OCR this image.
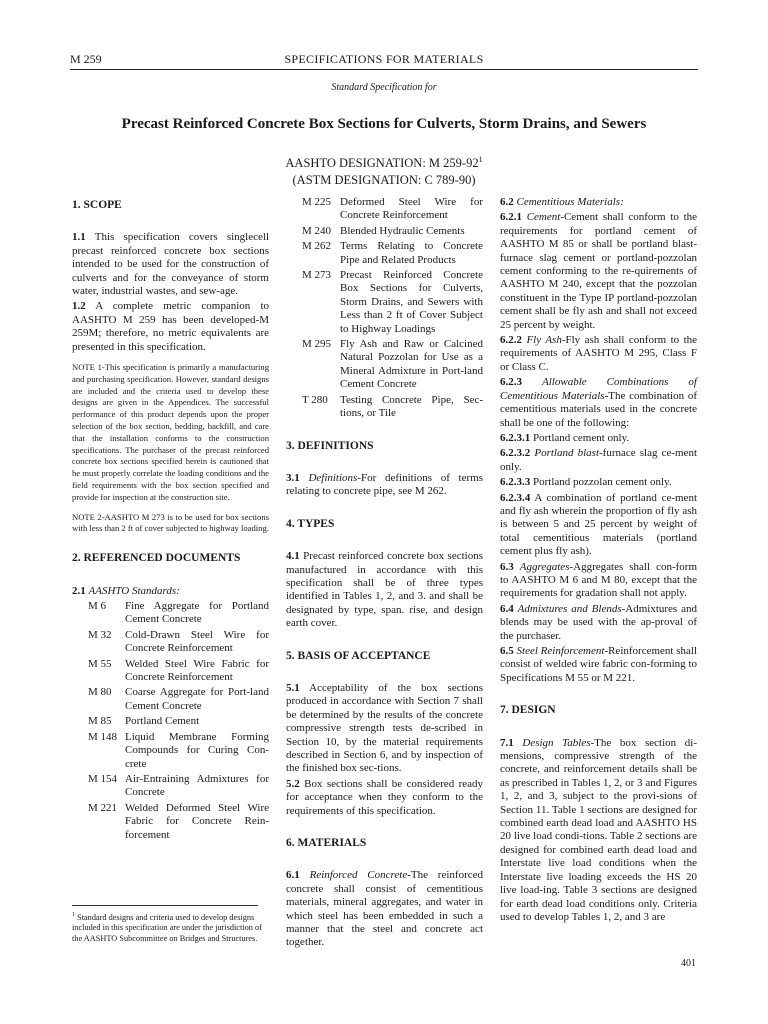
M 259	SPECIFICATIONS FOR MATERIALS
Standard Specification for
Precast Reinforced Concrete Box Sections for Culverts, Storm Drains, and Sewers
AASHTO DESIGNATION: M $259-92^1$
(ASTM DESIGNATION: C 789-90)
1. SCOPE

1.1 This specification covers singlecell precast reinforced concrete box sections intended to be used for the construction of culverts and for the conveyance of storm water, industrial wastes, and sew-age.

1.2 A complete metric companion to AASHTO M 259 has been developed-M 259M; therefore, no metric equivalents are presented in this specification.

NOTE 1-This specification is primarily a manufacturing and purchasing specification. However, standard designs are included and the criteria used to develop these designs are given in the Appendices. The successful performance of this product depends upon the proper selection of the box section, bedding, backfill, and care that the installation conforms to the construction specifications. The purchaser of the precast reinforced concrete box sections specified herein is cautioned that he must properly correlate the loading conditions and the field requirements with the box section specified and provide for inspection at the construction site.

NOTE 2-AASHTO M 273 is to be used for box sections with less than 2 ft of cover subjected to highway loading.

2. REFERENCED DOCUMENTS

2.1 AASHTO Standards:

M 6	Fine Aggregate for Portland Cement Concrete
M 32	Cold-Drawn Steel Wire for Concrete Reinforcement
M 55	Welded Steel Wire Fabric for Concrete Reinforcement
M 80	Coarse Aggregate for Port-land Cement Concrete
M 85	Portland Cement
M 148 Liquid Membrane Forming Compounds for Curing Con-crete
M 154 Air-Entraining Admixtures for Concrete
M 221 Welded Deformed Steel Wire Fabric for Concrete Rein-forcement
M 225 Deformed Steel Wire for Concrete Reinforcement
M 240 Blended Hydraulic Cements
M 262 Terms Relating to Concrete Pipe and Related Products
M 273 Precast Reinforced Concrete Box Sections for Culverts, Storm Drains, and Sewers with Less than 2 ft of Cover Subject to Highway Loadings
M 295 Fly Ash and Raw or Calcined Natural Pozzolan for Use as a Mineral Admixture in Port-land Cement Concrete
T 280	Testing Concrete Pipe, Sec-tions, or Tile
3. DEFINITIONS

3.1 Definitions-For definitions of terms relating to concrete pipe, see M 262.

4. TYPES

4.1 Precast reinforced concrete box sections manufactured in accordance with this specification shall be of three types identified in Tables 1, 2, and 3. and shall be designated by type, span. rise, and design earth cover.

5. BASIS OF ACCEPTANCE

5.1 Acceptability of the box sections produced in accordance with Section 7 shall be determined by the results of the concrete compressive strength tests de-scribed in Section 10, by the material requirements described in Section 6, and by inspection of the finished box sec-tions.

5.2 Box sections shall be considered ready for acceptance when they conform to the requirements of this specification.

6. MATERIALS

6.1 Reinforced Concrete-The reinforced concrete shall consist of cementitious materials, mineral aggregates, and water in which steel has been embedded in such a manner that the steel and concrete act together.

6.2 Cementitious Materials:

6.2.1 Cement-Cement shall conform to the requirements for portland cement of AASHTO M 85 or shall be portland blast-furnace slag cement or portland-pozzolan cement conforming to the re-quirements of AASHTO M 240, except that the pozzolan constituent in the Type IP portland-pozzolan cement shall be fly ash and shall not exceed 25 percent by weight.

6.2.2 Fly Ash-Fly ash shall conform to the requirements of AASHTO M 295, Class F or Class C.

6.2.3 Allowable Combinations of Cementitious Materials-The combination of cementitious materials used in the concrete shall be one of the following:

6.2.3.1 Portland cement only.

6.2.3.2 Portland blast-furnace slag ce-ment only.

6.2.3.3 Portland pozzolan cement only.

6.2.3.4 A combination of portland ce-ment and fly ash wherein the proportion of fly ash is between 5 and 25 percent by weight of total cementitious materials (portland cement plus fly ash).

6.3 Aggregates-Aggregates shall con-form to AASHTO M 6 and M 80, except that the requirements for gradation shall not apply.

6.4 Admixtures and Blends-Admixtures and blends may be used with the ap-proval of the purchaser.

6.5 Steel Reinforcement-Reinforcement shall consist of welded wire fabric con-forming to Specifications M 55 or M 221.

7. DESIGN

7.1 Design Tables-The box section di-mensions, compressive strength of the concrete, and reinforcement details shall be as prescribed in Tables 1, 2, or 3 and Figures 1, 2, and 3, subject to the provi-sions of Section 11. Table 1 sections are designed for combined earth dead load and AASHTO HS 20 live load condi-tions. Table 2 sections are designed for combined earth dead load and Interstate live load conditions when the Interstate live loading exceeds the HS 20 live load-ing. Table 3 sections are designed for earth dead load conditions only. Criteria used to develop Tables 1, 2, and 3 are

$^1$ Standard designs and criteria used to develop designs included in this specification are under the jurisdiction of the AASHTO Subcommittee on Bridges and Structures.
401
